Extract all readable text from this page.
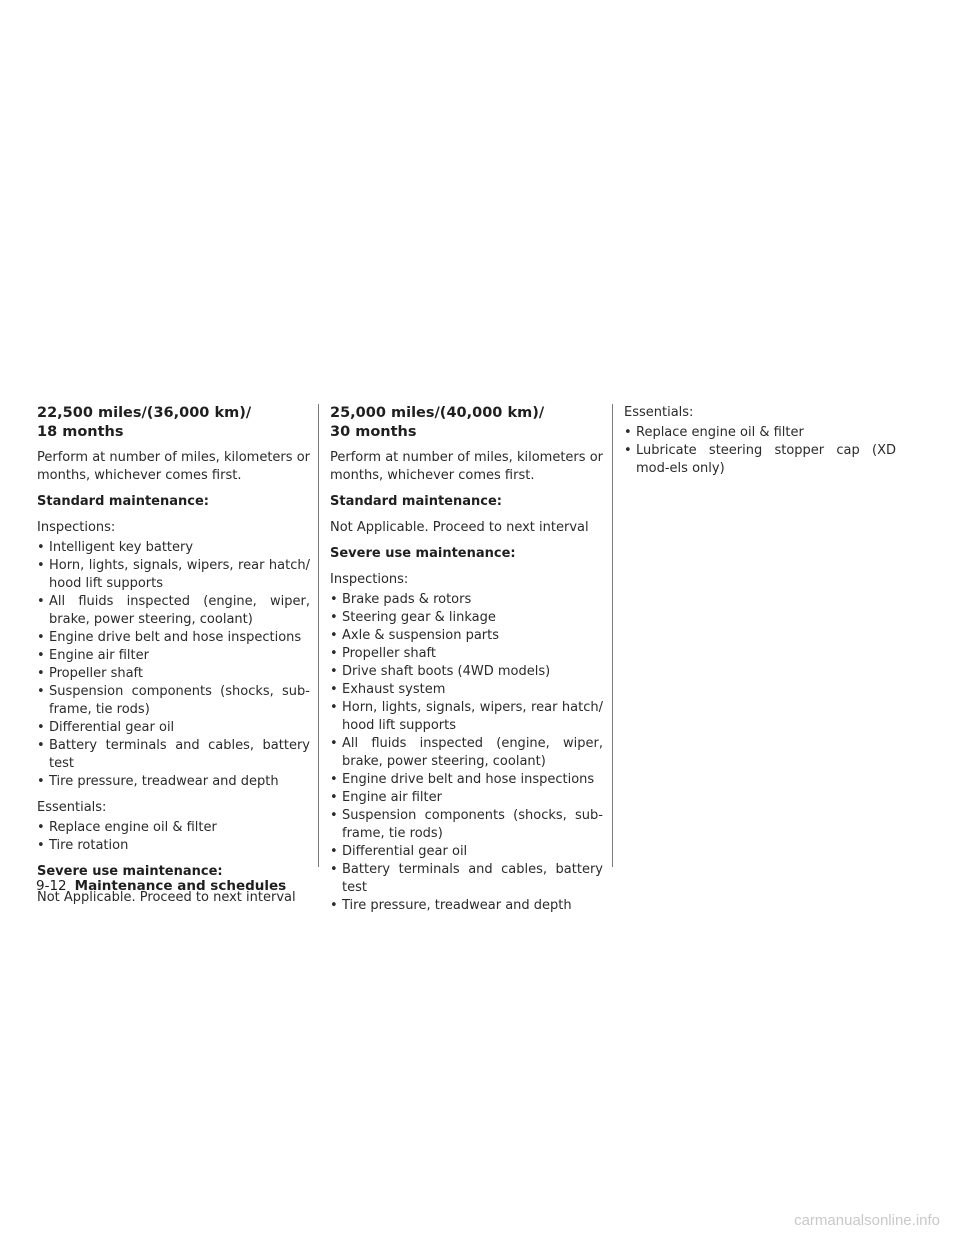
22,500 miles/(36,000 km)/
18 months

Perform at number of miles, kilometers or months, whichever comes first.

Standard maintenance:

Inspections:

• Intelligent key battery
• Horn, lights, signals, wipers, rear hatch/ hood lift supports
• All fluids inspected (engine, wiper, brake, power steering, coolant)
• Engine drive belt and hose inspections
• Engine air filter
• Propeller shaft
• Suspension components (shocks, sub-frame, tie rods)
• Differential gear oil
• Battery terminals and cables, battery test
• Tire pressure, treadwear and depth

Essentials:

• Replace engine oil & filter
• Tire rotation

Severe use maintenance:

Not Applicable. Proceed to next interval

25,000 miles/(40,000 km)/
30 months

Perform at number of miles, kilometers or months, whichever comes first.

Standard maintenance:

Not Applicable. Proceed to next interval

Severe use maintenance:

Inspections:

• Brake pads & rotors
• Steering gear & linkage
• Axle & suspension parts
• Propeller shaft
• Drive shaft boots (4WD models)
• Exhaust system
• Horn, lights, signals, wipers, rear hatch/ hood lift supports
• All fluids inspected (engine, wiper, brake, power steering, coolant)
• Engine drive belt and hose inspections
• Engine air filter
• Suspension components (shocks, sub-frame, tie rods)
• Differential gear oil
• Battery terminals and cables, battery test
• Tire pressure, treadwear and depth

Essentials:

• Replace engine oil & filter
• Lubricate steering stopper cap (XD mod-els only)
9-12 Maintenance and schedules
carmanualsonline.info
